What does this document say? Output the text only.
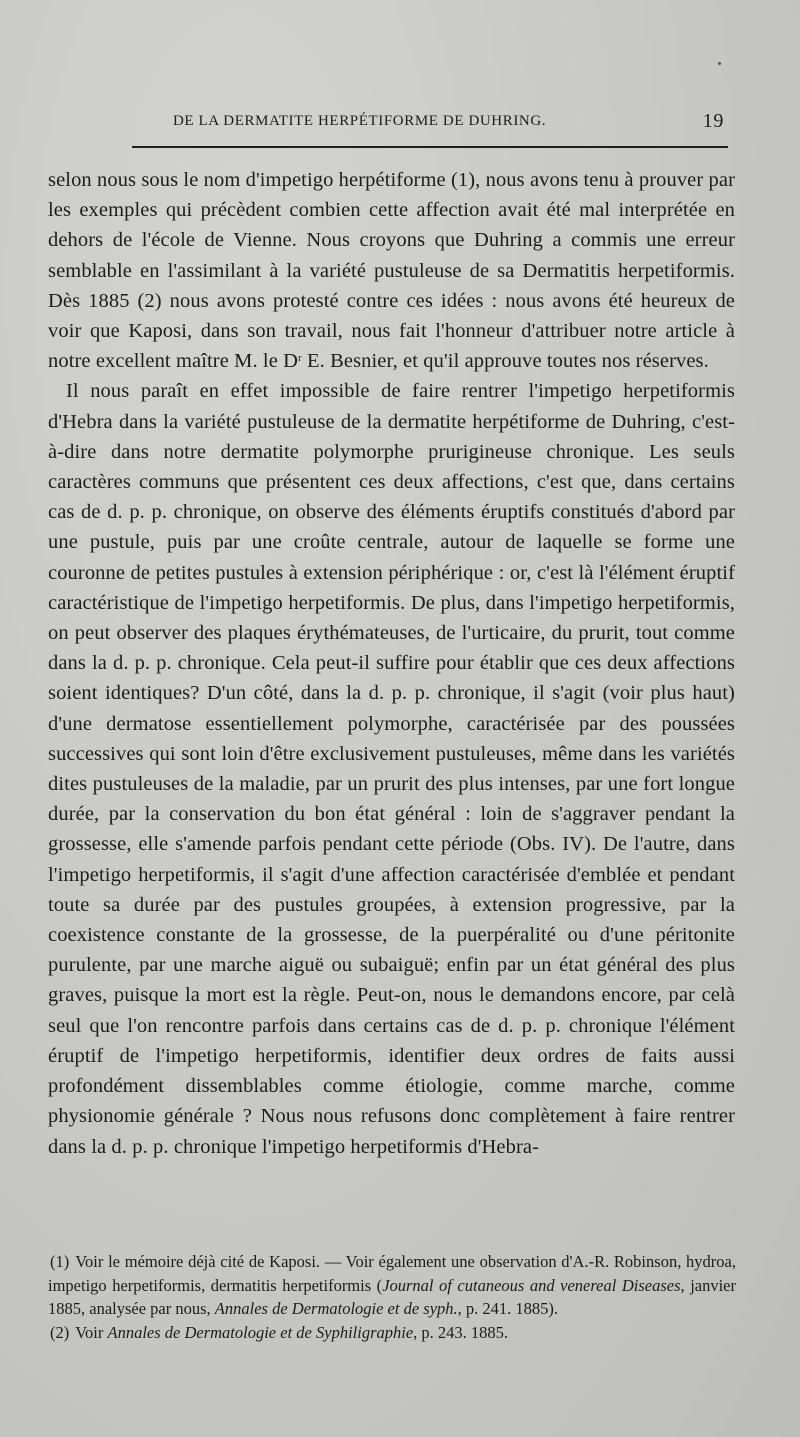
DE LA DERMATITE HERPÉTIFORME DE DUHRING.	19

selon nous sous le nom d'impetigo herpétiforme (1), nous avons tenu à prouver par les exemples qui précèdent combien cette affection avait été mal interprétée en dehors de l'école de Vienne. Nous croyons que Duhring a commis une erreur semblable en l'assimilant à la variété pustuleuse de sa Dermatitis herpetiformis. Dès 1885 (2) nous avons protesté contre ces idées : nous avons été heureux de voir que Kaposi, dans son travail, nous fait l'honneur d'attribuer notre article à notre excellent maître M. le $D^r$ E. Besnier, et qu'il approuve toutes nos réserves.

Il nous paraît en effet impossible de faire rentrer l'impetigo herpetiformis d'Hebra dans la variété pustuleuse de la dermatite herpétiforme de Duhring, c'est-à-dire dans notre dermatite polymorphe prurigineuse chronique. Les seuls caractères communs que présentent ces deux affections, c'est que, dans certains cas de d. p. p. chronique, on observe des éléments éruptifs constitués d'abord par une pustule, puis par une croûte centrale, autour de laquelle se forme une couronne de petites pustules à extension périphérique : or, c'est là l'élément éruptif caractéristique de l'impetigo herpetiformis. De plus, dans l'impetigo herpetiformis, on peut observer des plaques érythémateuses, de l'urticaire, du prurit, tout comme dans la d. p. p. chronique. Cela peut-il suffire pour établir que ces deux affections soient identiques? D'un côté, dans la d. p. p. chronique, il s'agit (voir plus haut) d'une dermatose essentiellement polymorphe, caractérisée par des poussées successives qui sont loin d'être exclusivement pustuleuses, même dans les variétés dites pustuleuses de la maladie, par un prurit des plus intenses, par une fort longue durée, par la conservation du bon état général : loin de s'aggraver pendant la grossesse, elle s'amende parfois pendant cette période (Obs. IV). De l'autre, dans l'impetigo herpetiformis, il s'agit d'une affection caractérisée d'emblée et pendant toute sa durée par des pustules groupées, à extension progressive, par la coexistence constante de la grossesse, de la puerpéralité ou d'une péritonite purulente, par une marche aiguë ou subaiguë; enfin par un état général des plus graves, puisque la mort est la règle. Peut-on, nous le demandons encore, par celà seul que l'on rencontre parfois dans certains cas de d. p. p. chronique l'élément éruptif de l'impetigo herpetiformis, identifier deux ordres de faits aussi profondément dissemblables comme étiologie, comme marche, comme physionomie générale ? Nous nous refusons donc complètement à faire rentrer dans la d. p. p. chronique l'impetigo herpetiformis d'Hebra-

(1) Voir le mémoire déjà cité de Kaposi. — Voir également une observation d'A.-R. Robinson, hydroa, impetigo herpetiformis, dermatitis herpetiformis (Journal of cutaneous and venereal Diseases, janvier 1885, analysée par nous, Annales de Dermatologie et de syph., p. 241. 1885).

(2) Voir Annales de Dermatologie et de Syphiligraphie, p. 243. 1885.
